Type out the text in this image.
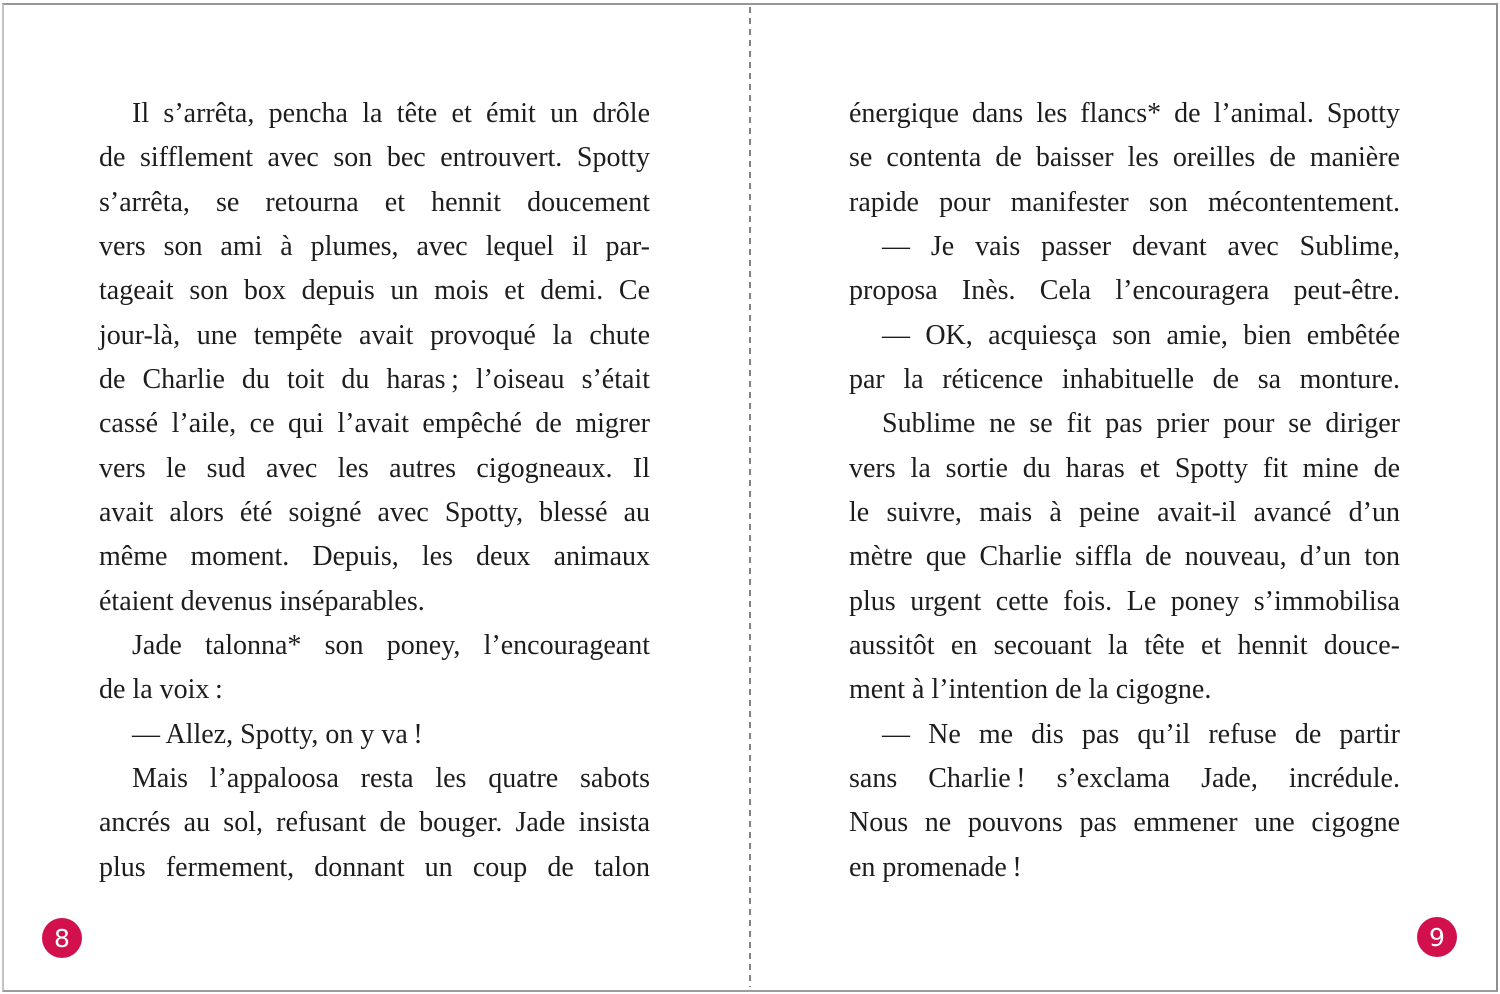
Il s’arrêta, pencha la tête et émit un drôle
de sifflement avec son bec entrouvert. Spotty
s’arrêta, se retourna et hennit doucement
vers son ami à plumes, avec lequel il par-
tageait son box depuis un mois et demi. Ce
jour-là, une tempête avait provoqué la chute
de Charlie du toit du haras ; l’oiseau s’était
cassé l’aile, ce qui l’avait empêché de migrer
vers le sud avec les autres cigogneaux. Il
avait alors été soigné avec Spotty, blessé au
même moment. Depuis, les deux animaux
étaient devenus inséparables.
Jade talonna* son poney, l’encourageant
de la voix :
— Allez, Spotty, on y va !
Mais l’appaloosa resta les quatre sabots
ancrés au sol, refusant de bouger. Jade insista
plus fermement, donnant un coup de talon
énergique dans les flancs* de l’animal. Spotty
se contenta de baisser les oreilles de manière
rapide pour manifester son mécontentement.
— Je vais passer devant avec Sublime,
proposa Inès. Cela l’encouragera peut-être.
— OK, acquiesça son amie, bien embêtée
par la réticence inhabituelle de sa monture.
Sublime ne se fit pas prier pour se diriger
vers la sortie du haras et Spotty fit mine de
le suivre, mais à peine avait-il avancé d’un
mètre que Charlie siffla de nouveau, d’un ton
plus urgent cette fois. Le poney s’immobilisa
aussitôt en secouant la tête et hennit douce-
ment à l’intention de la cigogne.
— Ne me dis pas qu’il refuse de partir
sans Charlie ! s’exclama Jade, incrédule.
Nous ne pouvons pas emmener une cigogne
en promenade !
8	9
